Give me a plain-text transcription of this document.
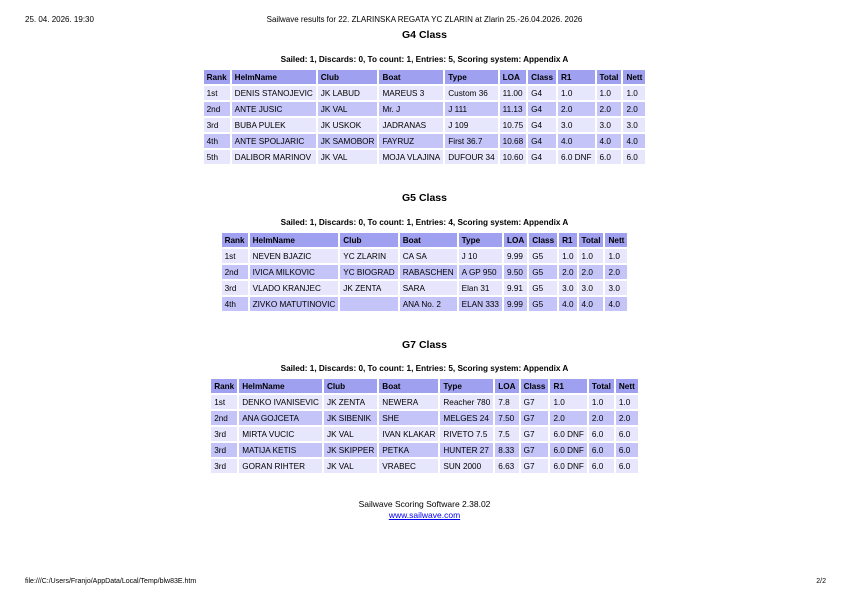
25. 04. 2026. 19:30	Sailwave results for 22. ZLARINSKA REGATA YC ZLARIN at Zlarin 25.-26.04.2026. 2026
G4 Class
Sailed: 1, Discards: 0, To count: 1, Entries: 5, Scoring system: Appendix A
Rank	HelmName	Club	Boat	Type	LOA	Class	R1	Total	Nett
1st	DENIS STANOJEVIC	JK LABUD	MAREUS 3	Custom 36	11.00	G4	1.0	1.0	1.0
2nd	ANTE JUSIC	JK VAL	Mr. J	J 111	11.13	G4	2.0	2.0	2.0
3rd	BUBA PULEK	JK USKOK	JADRANAS	J 109	10.75	G4	3.0	3.0	3.0
4th	ANTE SPOLJARIC	JK SAMOBOR	FAYRUZ	First 36.7	10.68	G4	4.0	4.0	4.0
5th	DALIBOR MARINOV	JK VAL	MOJA VLAJINA	DUFOUR 34	10.60	G4	6.0 DNF	6.0	6.0
G5 Class
Sailed: 1, Discards: 0, To count: 1, Entries: 4, Scoring system: Appendix A
Rank	HelmName	Club	Boat	Type	LOA	Class	R1	Total	Nett
1st	NEVEN BJAZIC	YC ZLARIN	CA SA	J 10	9.99	G5	1.0	1.0	1.0
2nd	IVICA MILKOVIC	YC BIOGRAD	RABASCHEN	A GP 950	9.50	G5	2.0	2.0	2.0
3rd	VLADO KRANJEC	JK ZENTA	SARA	Elan 31	9.91	G5	3.0	3.0	3.0
4th	ZIVKO MATUTINOVIC		ANA No. 2	ELAN 333	9.99	G5	4.0	4.0	4.0
G7 Class
Sailed: 1, Discards: 0, To count: 1, Entries: 5, Scoring system: Appendix A
Rank	HelmName	Club	Boat	Type	LOA	Class	R1	Total	Nett
1st	DENKO IVANISEVIC	JK ZENTA	NEWERA	Reacher 780	7.8	G7	1.0	1.0	1.0
2nd	ANA GOJCETA	JK SIBENIK	SHE	MELGES 24	7.50	G7	2.0	2.0	2.0
3rd	MIRTA VUCIC	JK VAL	IVAN KLAKAR	RIVETO 7.5	7.5	G7	6.0 DNF	6.0	6.0
3rd	MATIJA KETIS	JK SKIPPER	PETKA	HUNTER 27	8.33	G7	6.0 DNF	6.0	6.0
3rd	GORAN RIHTER	JK VAL	VRABEC	SUN 2000	6.63	G7	6.0 DNF	6.0	6.0
Sailwave Scoring Software 2.38.02
www.sailwave.com
file:///C:/Users/Franjo/AppData/Local/Temp/blw83E.htm	2/2
